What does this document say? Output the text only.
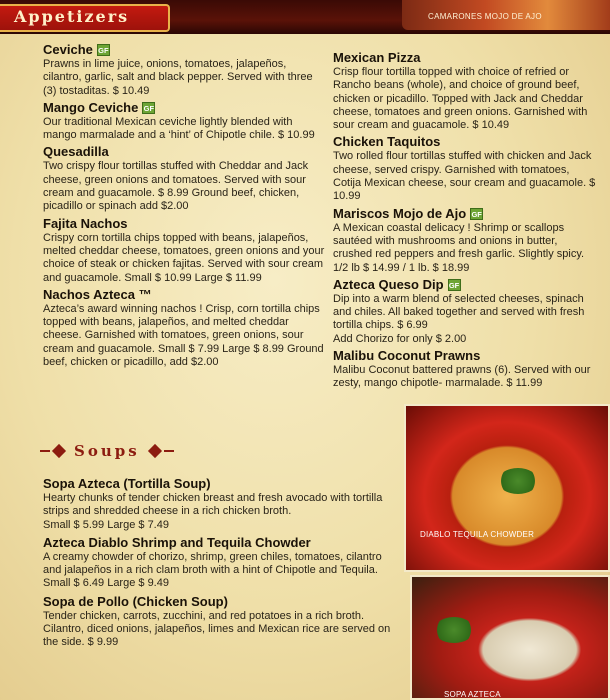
Appetizers	CAMARONES MOJO DE AJO
Ceviche GF
Prawns in lime juice, onions, tomatoes, jalapeños, cilantro, garlic, salt and black pepper. Served with three (3) tostaditas. $ 10.49
Mango Ceviche GF
Our traditional Mexican ceviche lightly blended with mango marmalade and a ‘hint’ of Chipotle chile. $ 10.99
Quesadilla
Two crispy flour tortillas stuffed with Cheddar and Jack cheese, green onions and tomatoes. Served with sour cream and guacamole. $ 8.99 Ground beef, chicken, picadillo or spinach add $2.00
Fajita Nachos
Crispy corn tortilla chips topped with beans, jalapeños, melted cheddar cheese, tomatoes, green onions and your choice of steak or chicken fajitas. Served with sour cream and guacamole. Small $ 10.99 Large $ 11.99
Nachos Azteca ™
Azteca’s award winning nachos ! Crisp, corn tortilla chips topped with beans, jalapeños, and melted cheddar cheese. Garnished with tomatoes, green onions, sour cream and guacamole. Small $ 7.99 Large $ 8.99 Ground beef, chicken or picadillo, add $2.00
Mexican Pizza
Crisp flour tortilla topped with choice of refried or Rancho beans (whole), and choice of ground beef, chicken or picadillo. Topped with Jack and Cheddar cheese, tomatoes and green onions. Garnished with sour cream and guacamole. $ 10.49
Chicken Taquitos
Two rolled flour tortillas stuffed with chicken and Jack cheese, served crispy. Garnished with tomatoes, Cotija Mexican cheese, sour cream and guacamole. $ 10.99
Mariscos Mojo de Ajo GF
A Mexican coastal delicacy ! Shrimp or scallops sautéed with mushrooms and onions in butter, crushed red peppers and fresh garlic. Slightly spicy. 1/2 lb $ 14.99 / 1 lb. $ 18.99
Azteca Queso Dip GF
Dip into a warm blend of selected cheeses, spinach and chiles. All baked together and served with fresh tortilla chips. $ 6.99
Add Chorizo for only $ 2.00
Malibu Coconut Prawns
Malibu Coconut battered prawns (6). Served with our zesty, mango chipotle- marmalade. $ 11.99
Soups
Sopa Azteca (Tortilla Soup)
Hearty chunks of tender chicken breast and fresh avocado with tortilla strips and shredded cheese in a rich chicken broth.
Small $ 5.99 Large $ 7.49
Azteca Diablo Shrimp and Tequila Chowder
A creamy chowder of chorizo, shrimp, green chiles, tomatoes, cilantro and jalapeños in a rich clam broth with a hint of Chipotle and Tequila.
Small $ 6.49 Large $ 9.49
Sopa de Pollo (Chicken Soup)
Tender chicken, carrots, zucchini, and red potatoes in a rich broth. Cilantro, diced onions, jalapeños, limes and Mexican rice are served on the side. $ 9.99
DIABLO TEQUILA CHOWDER
SOPA AZTECA
